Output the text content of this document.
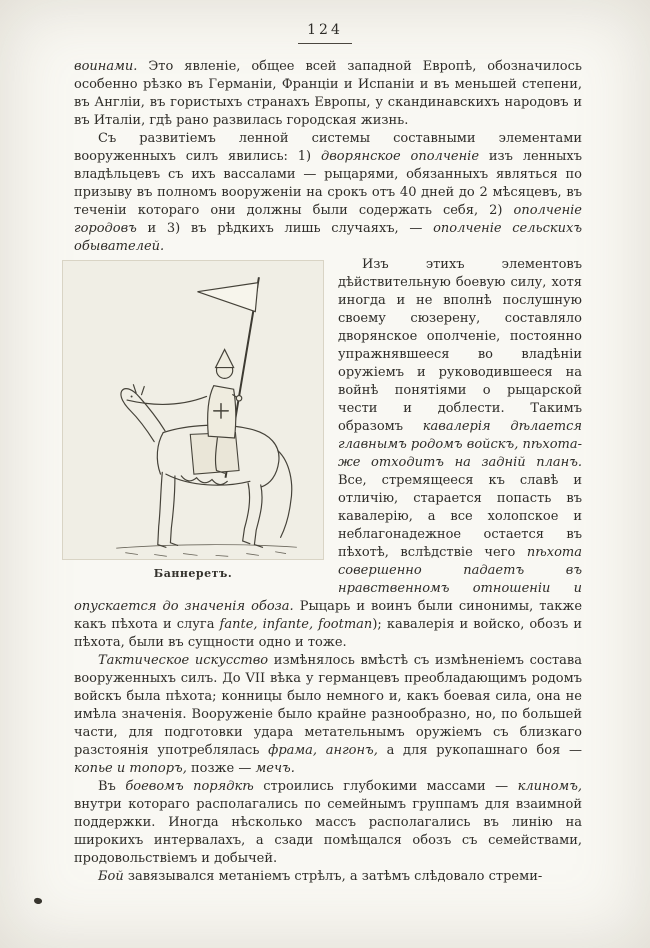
124

воинами. Это явленіе, общее всей западной Европѣ, обозначилось особенно рѣзко въ Германіи, Франціи и Испаніи и въ меньшей степени, въ Англіи, въ гористыхъ странахъ Европы, у скандинавскихъ народовъ и въ Италіи, гдѣ рано развилась городская жизнь.

Съ развитіемъ ленной системы составными элементами вооруженныхъ силъ явились: 1) дворянское ополченіе изъ ленныхъ владѣльцевъ съ ихъ вассалами — рыцарями, обязанныхъ являться по призыву въ полномъ вооруженіи на срокъ отъ 40 дней до 2 мѣсяцевъ, въ теченіи котораго они должны были содержать себя, 2) ополченіе городовъ и 3) въ рѣдкихъ лишь случаяхъ, — ополченіе сельскихъ обывателей.

Баннеретъ.

Изъ этихъ элементовъ дѣйствительную боевую силу, хотя иногда и не вполнѣ послушную своему сюзерену, составляло дворянское ополченіе, постоянно упражнявшееся во владѣніи оружіемъ и руководившееся на войнѣ понятіями о рыцарской чести и доблести. Такимъ образомъ кавалерія дѣлается главнымъ родомъ войскъ, пѣхота-же отходитъ на задній планъ. Все, стремящееся къ славѣ и отличію, старается попасть въ кавалерію, а все холопское и неблагонадежное остается въ пѣхотѣ, вслѣдствіе чего пѣхота совершенно падаетъ въ нравственномъ отношеніи и опускается до значенія обоза. Рыцарь и воинъ были синонимы, также какъ пѣхота и слуга fante, infante, footman); кавалерія и войско, обозъ и пѣхота, были въ сущности одно и тоже.

Тактическое искусство измѣнялось вмѣстѣ съ измѣненіемъ состава вооруженныхъ силъ. До VII вѣка у германцевъ преобладающимъ родомъ войскъ была пѣхота; конницы было немного и, какъ боевая сила, она не имѣла значенія. Вооруженіе было крайне разнообразно, но, по большей части, для подготовки удара метательнымъ оружіемъ съ близкаго разстоянія употреблялась фрама, ангонъ, а для рукопашнаго боя — копье и топоръ, позже — мечъ.

Въ боевомъ порядкѣ строились глубокими массами — клиномъ, внутри котораго располагались по семейнымъ группамъ для взаимной поддержки. Иногда нѣсколько массъ располагались въ линію на широкихъ интервалахъ, а сзади помѣщался обозъ съ семействами, продовольствіемъ и добычей.

Бой завязывался метаніемъ стрѣлъ, а затѣмъ слѣдовало стреми-
